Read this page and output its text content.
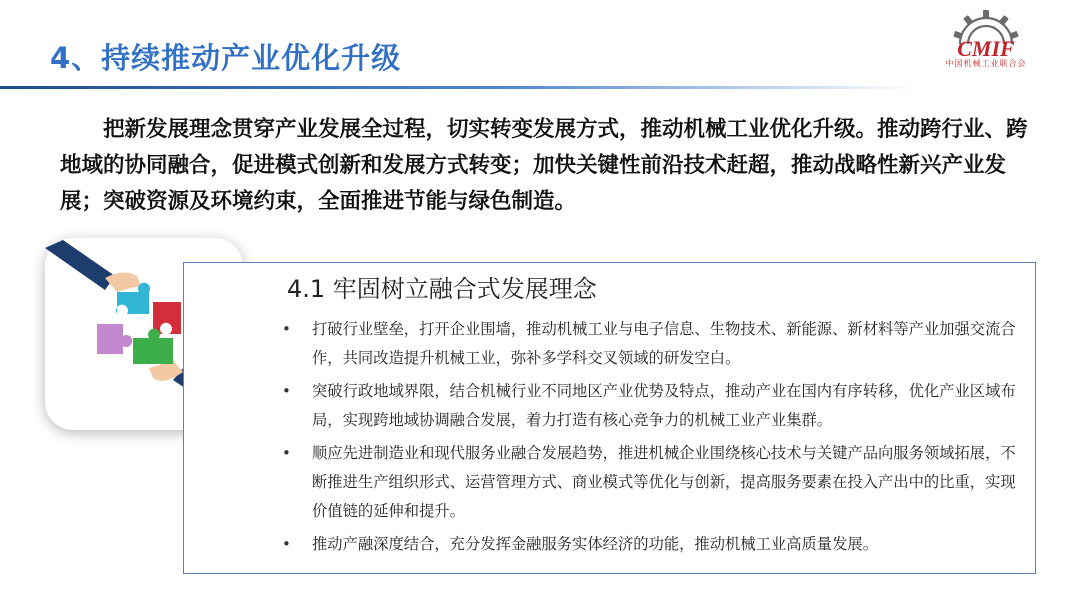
4、持续推动产业优化升级	CMIF
中国机械工业联合会

把新发展理念贯穿产业发展全过程，切实转变发展方式，推动机械工业优化升级。推动跨行业、跨地域的协同融合，促进模式创新和发展方式转变；加快关键性前沿技术赶超，推动战略性新兴产业发展；突破资源及环境约束，全面推进节能与绿色制造。

4.1 牢固树立融合式发展理念
• 打破行业壁垒，打开企业围墙，推动机械工业与电子信息、生物技术、新能源、新材料等产业加强交流合作，共同改造提升机械工业，弥补多学科交叉领域的研发空白。
• 突破行政地域界限，结合机械行业不同地区产业优势及特点，推动产业在国内有序转移，优化产业区域布局，实现跨地域协调融合发展，着力打造有核心竞争力的机械工业产业集群。
• 顺应先进制造业和现代服务业融合发展趋势，推进机械企业围绕核心技术与关键产品向服务领域拓展，不断推进生产组织形式、运营管理方式、商业模式等优化与创新，提高服务要素在投入产出中的比重，实现价值链的延伸和提升。
• 推动产融深度结合，充分发挥金融服务实体经济的功能，推动机械工业高质量发展。
